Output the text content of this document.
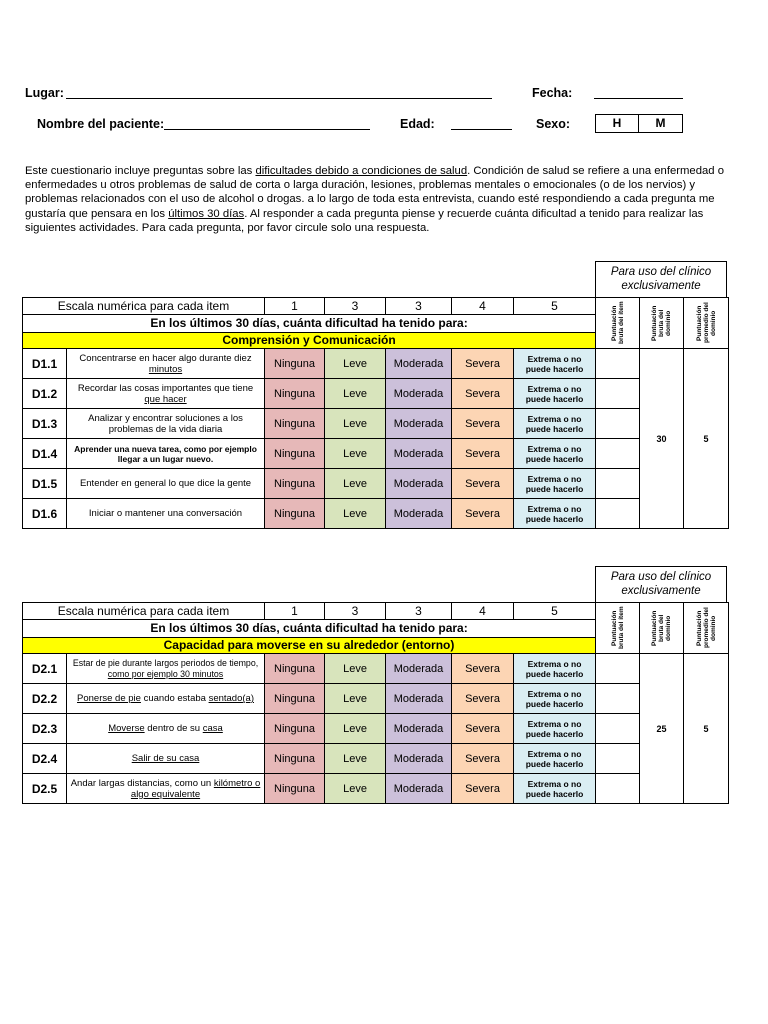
Lugar:	Fecha:
Nombre del paciente:	Edad:	Sexo:	H	M
Este cuestionario incluye preguntas sobre las dificultades debido a condiciones de salud. Condición de salud se refiere a una enfermedad o enfermedades u otros problemas de salud de corta o larga duración, lesiones, problemas mentales o emocionales (o de los nervios) y problemas relacionados con el uso de alcohol o drogas. a lo largo de toda esta entrevista, cuando esté respondiendo a cada pregunta me gustaría que pensara en los últimos 30 días. Al responder a cada pregunta piense y recuerde cuánta dificultad a tenido para realizar las siguientes actividades. Para cada pregunta, por favor circule solo una respuesta.
Para uso del clínico exclusivamente
Escala numérica para cada item		1	3	3	4	5	Puntuación bruta del ítem	Puntuación bruta del dominio	Puntuación promedio del dominio

En los últimos 30 días, cuánta dificultad ha tenido para:									
Comprensión y Comunicación									
D1.1	Concentrarse en hacer algo durante diez minutos	Ninguna	Leve	Moderada	Severa	Extrema o no puede hacerlo		30	5
D1.2	Recordar las cosas importantes que tiene que hacer	Ninguna	Leve	Moderada	Severa	Extrema o no puede hacerlo			
D1.3	Analizar y encontrar soluciones a los problemas de la vida diaria	Ninguna	Leve	Moderada	Severa	Extrema o no puede hacerlo			
D1.4	Aprender una nueva tarea, como por ejemplo llegar a un lugar nuevo.	Ninguna	Leve	Moderada	Severa	Extrema o no puede hacerlo			
D1.5	Entender en general lo que dice la gente	Ninguna	Leve	Moderada	Severa	Extrema o no puede hacerlo			
D1.6	Iniciar o mantener una conversación	Ninguna	Leve	Moderada	Severa	Extrema o no puede hacerlo			
Para uso del clínico exclusivamente
Escala numérica para cada item		1	3	3	4	5	Puntuación bruta del ítem	Puntuación bruta del dominio	Puntuación promedio del dominio

En los últimos 30 días, cuánta dificultad ha tenido para:									
Capacidad para moverse en su alrededor (entorno)									
D2.1	Estar de pie durante largos periodos de tiempo, como por ejemplo 30 minutos	Ninguna	Leve	Moderada	Severa	Extrema o no puede hacerlo		25	5
D2.2	Ponerse de pie cuando estaba sentado(a)	Ninguna	Leve	Moderada	Severa	Extrema o no puede hacerlo			
D2.3	Moverse dentro de su casa	Ninguna	Leve	Moderada	Severa	Extrema o no puede hacerlo			
D2.4	Salir de su casa	Ninguna	Leve	Moderada	Severa	Extrema o no puede hacerlo			
D2.5	Andar largas distancias, como un kilómetro o algo equivalente	Ninguna	Leve	Moderada	Severa	Extrema o no puede hacerlo			
